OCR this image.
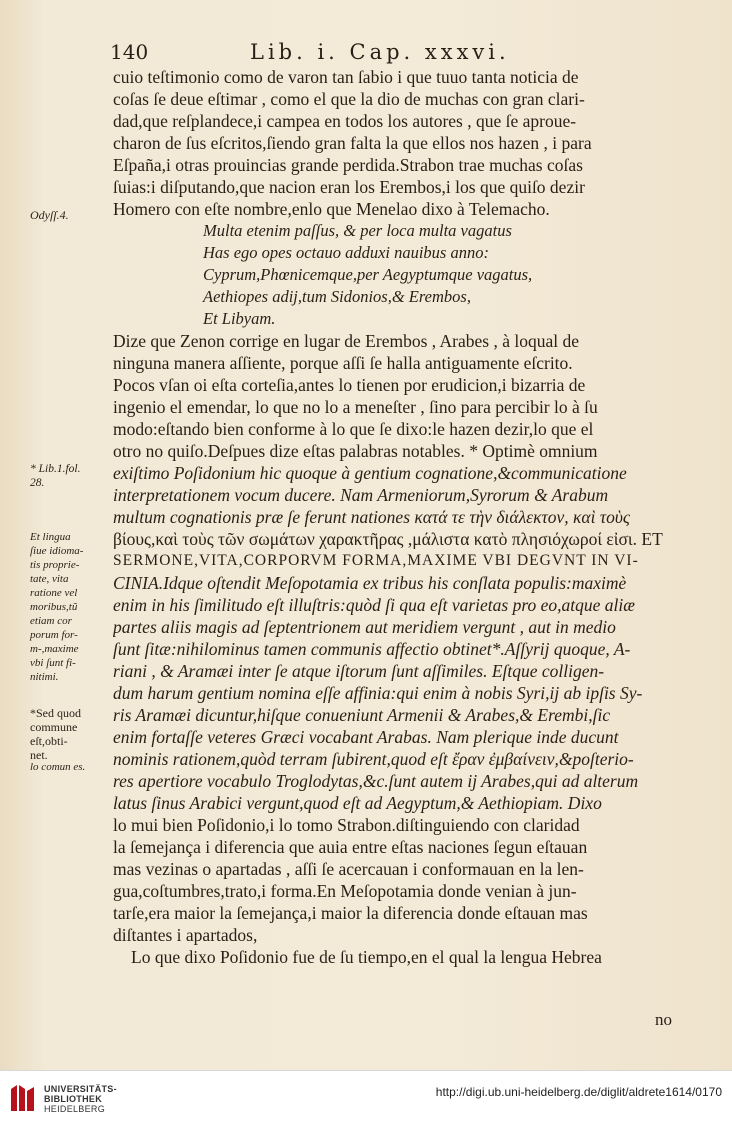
140	Lib. i. Cap. xxxvi.
cuio teſtimonio como de varon tan ſabio i que tuuo tanta noticia de
coſas ſe deue eſtimar , como el que la dio de muchas con gran clari-
dad,que reſplandece,i campea en todos los autores , que ſe aproue-
charon de ſus eſcritos,ſiendo gran falta la que ellos nos hazen , i para
Eſpaña,i otras prouincias grande perdida.Strabon trae muchas coſas
ſuias:i diſputando,que nacion eran los Erembos,i los que quiſo dezir
Homero con eſte nombre,enlo que Menelao dixo à Telemacho.
Multa etenim paſſus, & per loca multa vagatus
Has ego opes octauo adduxi nauibus anno:
Cyprum,Phœnicemque,per Aegyptumque vagatus,
Aethiopes adij,tum Sidonios,& Erembos,
Et Libyam.
Dize que Zenon corrige en lugar de Erembos , Arabes , à loqual de
ninguna manera aſſiente, porque aſſi ſe halla antiguamente eſcrito.
Pocos vſan oi eſta corteſia,antes lo tienen por erudicion,i bizarria de
ingenio el emendar, lo que no lo a meneſter , ſino para percibir lo à ſu
modo:eſtando bien conforme à lo que ſe dixo:le hazen dezir,lo que el
otro no quiſo.Deſpues dize eſtas palabras notables. * Optimè omnium
exiſtimo Poſidonium hic quoque à gentium cognatione,&communicatione
interpretationem vocum ducere. Nam Armeniorum,Syrorum & Arabum
multum cognationis præ ſe ferunt nationes κατά τε τὴν διάλεκτον, καὶ τοὺς
βίους,καὶ τοὺς τῶν σωμάτων χαρακτῆρας ,μάλιστα κατὸ πλησιόχωροί εἰσι. ET
SERMONE,VITA,CORPORVM FORMA,MAXIME VBI DEGVNT IN VI-
CINIA.Idque oſtendit Meſopotamia ex tribus his conſlata populis:maximè
enim in his ſimilitudo eſt illuſtris:quòd ſi qua eſt varietas pro eo,atque aliæ
partes aliis magis ad ſeptentrionem aut meridiem vergunt , aut in medio
ſunt ſitæ:nihilominus tamen communis affectio obtinet*.Aſſyrij quoque, A-
riani , & Aramæi inter ſe atque iſtorum ſunt aſſimiles. Eſtque colligen-
dum harum gentium nomina eſſe affinia:qui enim à nobis Syri,ij ab ipſis Sy-
ris Aramæi dicuntur,hiſque conueniunt Armenii & Arabes,& Erembi,ſic
enim fortaſſe veteres Græci vocabant Arabas. Nam plerique inde ducunt
nominis rationem,quòd terram ſubirent,quod eſt ἔραν ἐμβαίνειν,&poſterio-
res apertiore vocabulo Troglodytas,&c.ſunt autem ij Arabes,qui ad alterum
latus ſinus Arabici vergunt,quod eſt ad Aegyptum,& Aethiopiam. Dixo
lo mui bien Poſidonio,i lo tomo Strabon.diſtinguiendo con claridad
la ſemejança i diferencia que auia entre eſtas naciones ſegun eſtauan
mas vezinas o apartadas , aſſi ſe acercauan i conformauan en la len-
gua,coſtumbres,trato,i forma.En Meſopotamia donde venian à jun-
tarſe,era maior la ſemejança,i maior la diferencia donde eſtauan mas
diſtantes i apartados,
Lo que dixo Poſidonio fue de ſu tiempo,en el qual la lengua Hebrea
Odyſſ.4.
* Lib.1.fol.
28.
Et lingua
ſiue idioma-
tis proprie-
tate, vita
ratione vel
moribus,tũ
etiam cor
porum for-
m-,maxime
vbi ſunt fi-
nitimi.
*Sed quod
commune
eſt,obti-
net.
lo comun es.
no
UNIVERSITÄTS-
BIBLIOTHEK
HEIDELBERG
http://digi.ub.uni-heidelberg.de/diglit/aldrete1614/0170
